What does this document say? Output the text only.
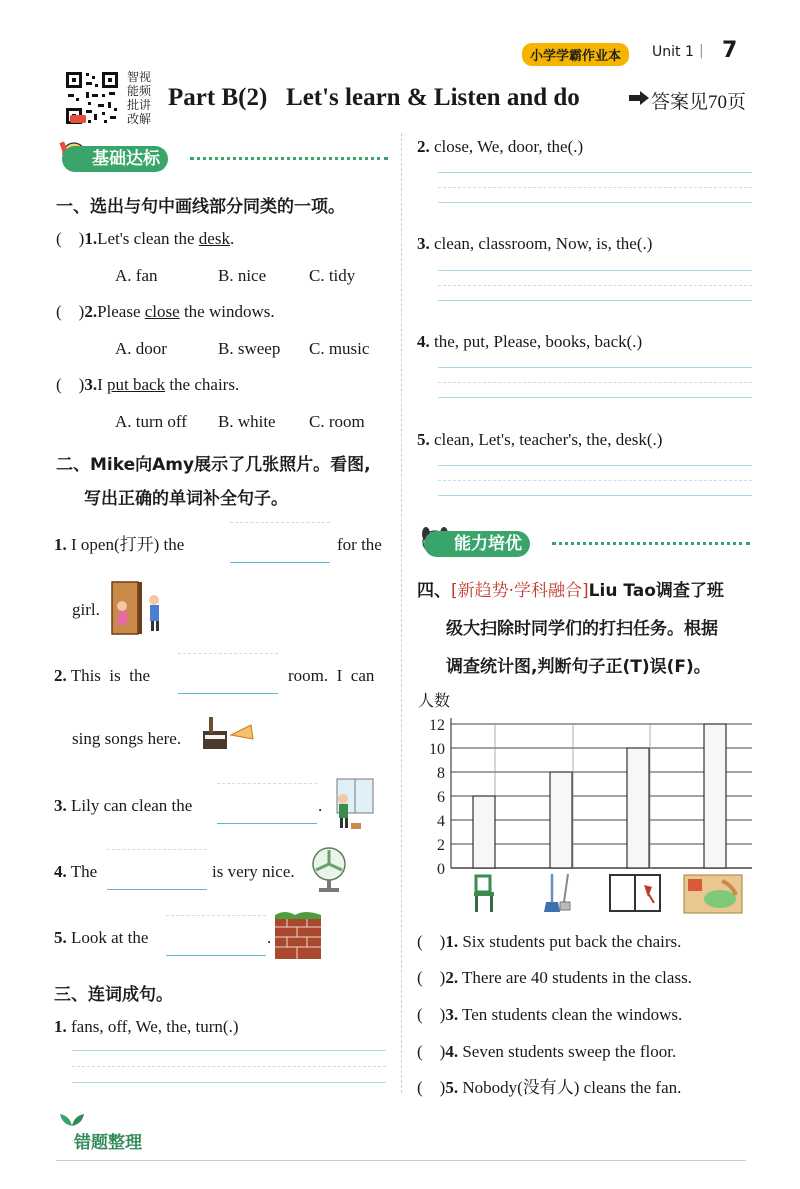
小学学霸作业本	Unit 1 | 7
智视
能频
批讲
改解
Part B(2)   Let's learn & Listen and do	答案见70页
基础达标
一、选出与句中画线部分同类的一项。
(    )1.Let's clean the desk.
A. fan	B. nice	C. tidy
(    )2.Please close the windows.
A. door	B. sweep C. music
(    )3.I put back the chairs.
A. turn off B. white C. room
二、Mike向Amy展示了几张照片。看图,
写出正确的单词补全句子。
1. I open(打开) the	for the
girl.
2. This  is  the	room.  I  can
sing songs here.
3. Lily can clean the	.
4. The	is very nice.
5. Look at the	.
三、连词成句。
1. fans, off, We, the, turn(.)
错题整理
2. close, We, door, the(.)
3. clean, classroom, Now, is, the(.)
4. the, put, Please, books, back(.)
5. clean, Let's, teacher's, the, desk(.)
能力培优
四、[新趋势·学科融合]Liu Tao调查了班
级大扫除时同学们的打扫任务。根据
调查统计图,判断句子正(T)误(F)。
人数
0
2
4
6
8
10
12
(    )1. Six students put back the chairs.
(    )2. There are 40 students in the class.
(    )3. Ten students clean the windows.
(    )4. Seven students sweep the floor.
(    )5. Nobody(没有人) cleans the fan.
